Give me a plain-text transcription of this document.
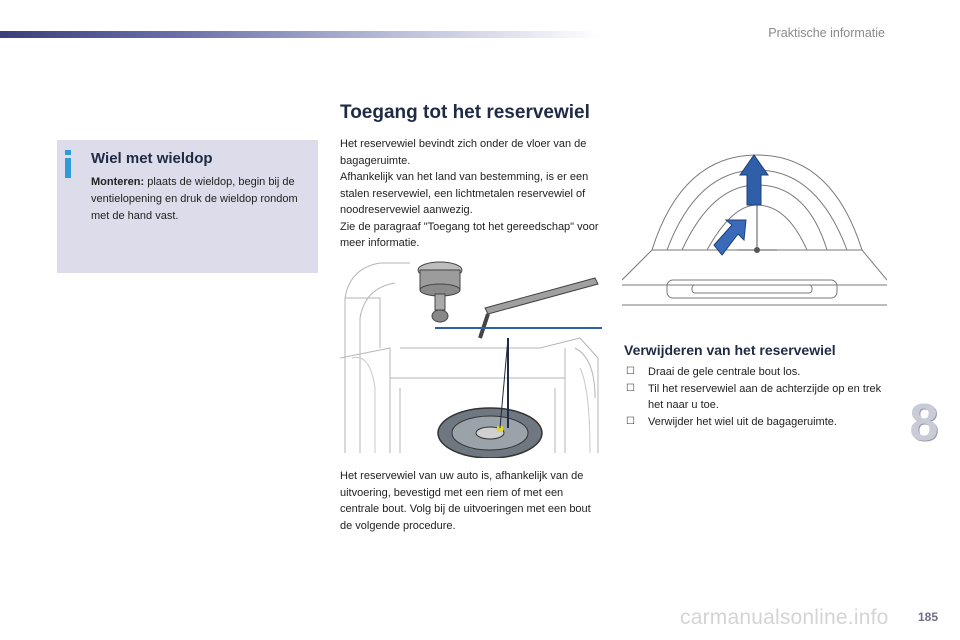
Praktische informatie
Wiel met wieldop
Monteren: plaats de wieldop, begin bij de ventielopening en druk de wieldop rondom met de hand vast.
Toegang tot het reservewiel
Het reservewiel bevindt zich onder de vloer van de bagageruimte.
Afhankelijk van het land van bestemming, is er een stalen reservewiel, een lichtmetalen reservewiel of noodreservewiel aanwezig.
Zie de paragraaf "Toegang tot het gereedschap" voor meer informatie.
Het reservewiel van uw auto is, afhankelijk van de uitvoering, bevestigd met een riem of met een centrale bout. Volg bij de uitvoeringen met een bout de volgende procedure.
Verwijderen van het reservewiel
☐ Draai de gele centrale bout los.
☐ Til het reservewiel aan de achterzijde op en trek het naar u toe.
☐ Verwijder het wiel uit de bagageruimte.	8
carmanualsonline.info 185
